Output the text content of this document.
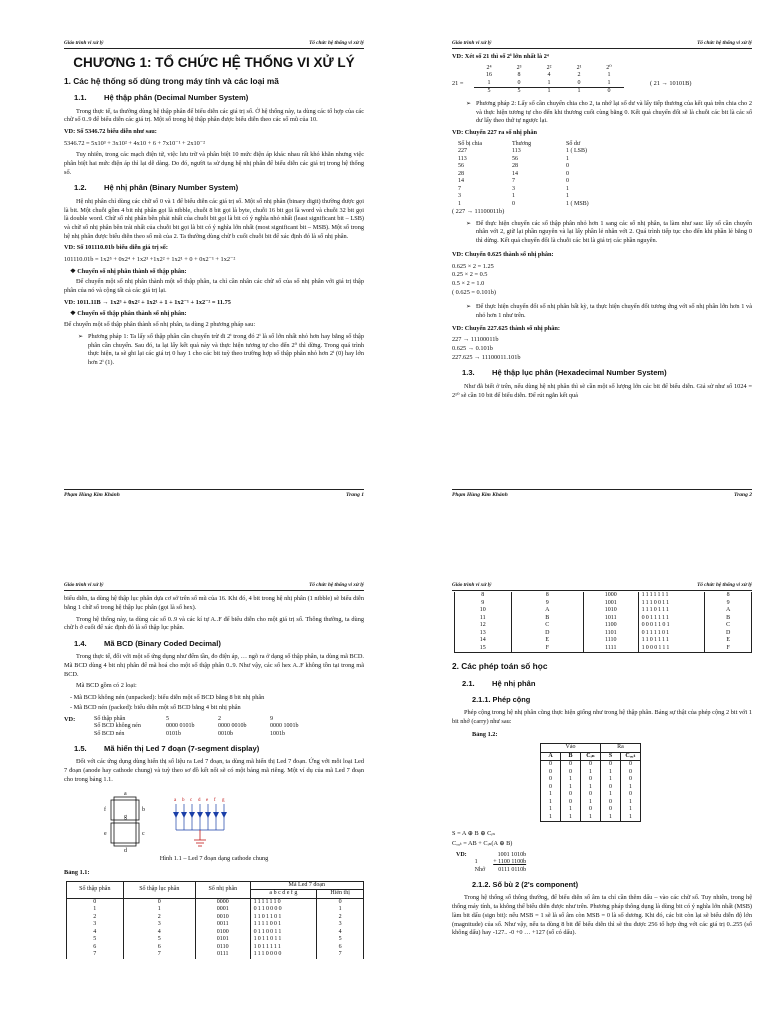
Giáo trình vi xử lý	Tổ chức hệ thống vi xử lý
CHƯƠNG 1: TỔ CHỨC HỆ THỐNG VI XỬ LÝ
1. Các hệ thống số dùng trong máy tính và các loại mã
1.1. Hệ thập phân (Decimal Number System)

Trong thực tế, ta thường dùng hệ thập phân để biểu diễn các giá trị số. Ở hệ thống này, ta dùng các tổ hợp của các chữ số 0..9 để biểu diễn các giá trị. Một số trong hệ thập phân được biểu diễn theo các số mũ của 10.

VD: Số 5346.72 biểu diễn như sau:

5346.72 = 5x10³ + 3x10² + 4x10 + 6 + 7x10⁻¹ + 2x10⁻²

Tuy nhiên, trong các mạch điện tử, việc lưu trữ và phân biệt 10 mức điện áp khác nhau rất khó khăn nhưng việc phân biệt hai mức điện áp thì lại dễ dàng. Do đó, người ta sử dụng hệ nhị phân để biểu diễn các giá trị trong hệ thống số.

1.2. Hệ nhị phân (Binary Number System)

Hệ nhị phân chỉ dùng các chữ số 0 và 1 để biểu diễn các giá trị số. Một số nhị phân (binary digit) thường được gọi là bit. Một chuỗi gồm 4 bit nhị phân gọi là nibble, chuỗi 8 bit gọi là byte, chuỗi 16 bit gọi là word và chuỗi 32 bit gọi là double word. Chữ số nhị phân bên phải nhất của chuỗi bit gọi là bit có ý nghĩa nhỏ nhất (least significant bit – LSB) và chữ số nhị phân bên trái nhất của chuỗi bit gọi là bit có ý nghĩa lớn nhất (most significant bit – MSB). Một số trong hệ nhị phân được biểu diễn theo số mũ của 2. Ta thường dùng chữ b cuối chuỗi bit để xác định đó là số nhị phân.

VD: Số 101110.01b biểu diễn giá trị số:

101110.01b = 1x2⁵ + 0x2⁴ + 1x2³ +1x2² + 1x2¹ + 0 + 0x2⁻¹ + 1x2⁻²

❖ Chuyển số nhị phân thành số thập phân:

Để chuyển một số nhị phân thành một số thập phân, ta chỉ cần nhân các chữ số của số nhị phân với giá trị thập phân của nó và cộng tất cả các giá trị lại.

VD: 1011.11B → 1x2³ + 0x2² + 1x2¹ + 1 + 1x2⁻¹ + 1x2⁻² = 11.75

❖ Chuyển số thập phân thành số nhị phân:

Để chuyển một số thập phân thành số nhị phân, ta dùng 2 phương pháp sau:

➢ Phương pháp 1: Ta lấy số thập phân cần chuyển trừ đi 2ⁱ trong đó 2ⁱ là số lớn nhất nhỏ hơn hay bằng số thập phân cần chuyển. Sau đó, ta lại lấy kết quả này và thực hiện tương tự cho đến 2⁰ thì dừng. Trong quá trình thực hiện, ta sẽ ghi lại các giá trị 0 hay 1 cho các bit tuỳ theo trường hợp số thập phân nhỏ hơn 2ⁱ (0) hay lớn hơn 2ⁱ (1).
Phạm Hùng Kim Khánh	Trang 1
Giáo trình vi xử lý	Tổ chức hệ thống vi xử lý

VD: Xét số 21 thì số 2ⁱ lớn nhất là 2⁴

21 =
2⁴	2³	2²	2¹	2⁰
16	8	4	2	1
1	0	1	0	1
5	5	1	1	0
( 21 → 10101B)
➢ Phương pháp 2: Lấy số cần chuyển chia cho 2, ta nhớ lại số dư và lấy tiếp thương của kết quả trên chia cho 2 và thực hiện tương tự cho đến khi thương cuối cùng bằng 0. Kết quả chuyển đổi sẽ là chuỗi các bit là các số dư lấy theo thứ tự ngược lại.

VD: Chuyển 227 ra số nhị phân

Số bị chia	Thương	Số dư
227	113	1 ( LSB)
113	56	1
56	28	0
28	14	0
14	7	0
7	3	1
3	1	1
1	0	1 ( MSB)

( 227 → 11100011b)

➢ Để thực hiện chuyển các số thập phân nhỏ hơn 1 sang các số nhị phân, ta làm như sau: lấy số cần chuyển nhân với 2, giữ lại phần nguyên và lại lấy phần lẻ nhân với 2. Quá trình tiếp tục cho đến khi phần lẻ bằng 0 thì dừng. Kết quả chuyển đổi là chuỗi các bit là giá trị các phần nguyên.

VD: Chuyển 0.625 thành số nhị phân:

0.625 × 2 = 1.25
0.25 × 2 = 0.5
0.5 × 2 = 1.0
( 0.625 = 0.101b)
➢ Để thực hiện chuyển đổi số nhị phân bất kỳ, ta thực hiện chuyển đổi tương ứng với số nhị phân lớn hơn 1 và nhỏ hơn 1 như trên.

VD: Chuyển 227.625 thành số nhị phân:

227 → 11100011b
0.625 → 0.101b
227.625 → 11100011.101b
1.3. Hệ thập lục phân (Hexadecimal Number System)

Như đã biết ở trên, nếu dùng hệ nhị phân thì sẽ cần một số lượng lớn các bit để biểu diễn. Giả sử như số 1024 = 2¹⁰ sẽ cần 10 bit để biểu diễn. Để rút ngắn kết quả

Phạm Hùng Kim Khánh	Trang 2
Giáo trình vi xử lý	Tổ chức hệ thống vi xử lý

biểu diễn, ta dùng hệ thập lục phân dựa cơ sở trên số mũ của 16. Khi đó, 4 bit trong hệ nhị phân (1 nibble) sẽ biểu diễn bằng 1 chữ số trong hệ thập lục phân (gọi là số hex).

Trong hệ thống này, ta dùng các số 0..9 và các kí tự A..F để biểu diễn cho một giá trị số. Thông thường, ta dùng chữ h ở cuối để xác định đó là số thập lục phân.

1.4. Mã BCD (Binary Coded Decimal)

Trong thực tế, đối với một số ứng dụng như đếm tần, đo điện áp, … ngõ ra ở dạng số thập phân, ta dùng mã BCD. Mã BCD dùng 4 bit nhị phân để mã hoá cho một số thập phân 0..9. Như vậy, các số hex A..F không tồn tại trong mã BCD.

Mã BCD gồm có 2 loại:

- Mã BCD không nén (unpacked): biểu diễn một số BCD bằng 8 bit nhị phân
- Mã BCD nén (packed): biểu diễn một số BCD bằng 4 bit nhị phân
VD:	Số thập phân	5	2	9
Số BCD không nén	0000 0101b	0000 0010b	0000 1001b
Số BCD nén	0101b	0010b	1001b
1.5. Mã hiển thị Led 7 đoạn (7-segment display)

Đối với các ứng dụng dùng hiển thị số liệu ra Led 7 đoạn, ta dùng mã hiển thị Led 7 đoạn. Ứng với mỗi loại Led 7 đoạn (anode hay cathode chung) và tuỳ theo sơ đồ kết nối sẽ có một bảng mã riêng. Một ví dụ của mã Led 7 đoạn cho trong bảng 1.1.

a
b
c
d
e
f
g
a b c d e f g
Hình 1.1 – Led 7 đoạn dạng cathode chung

Bảng 1.1:

Số thập phân	Số thập lục phân	Số nhị phân	Mã Led 7 đoạn	
			a b c d e f g	Hiển thị
0	0	0000	1111110	0
1	1	0001	0110000	1
2	2	0010	1101101	2
3	3	0011	1111001	3
4	4	0100	0110011	4
5	5	0101	1011011	5
6	6	0110	1011111	6
7	7	0111	1110000	7
Giáo trình vi xử lý	Tổ chức hệ thống vi xử lý
8	8	1000	1111111	8
9	9	1001	1110011	9
10	A	1010	1110111	A
11	B	1011	0011111	B
12	C	1100	0001101	C
13	D	1101	0111101	D
14	E	1110	1101111	E
15	F	1111	1000111	F
2. Các phép toán số học
2.1. Hệ nhị phân
2.1.1. Phép cộng

Phép cộng trong hệ nhị phân cũng thực hiện giống như trong hệ thập phân. Bảng sự thật của phép cộng 2 bit với 1 bit nhớ (carry) như sau:

Bảng 1.2:

Vào			Ra	
A	B	Cᵢₙ	S	Cₒᵤₜ
0	0	0	0	0
0	0	1	1	0
0	1	0	1	0
0	1	1	0	1
1	0	0	1	0
1	0	1	0	1
1	1	0	0	1
1	1	1	1	1

S = A ⊕ B ⊕ Cᵢₙ

Cₒᵤₜ = AB + Cᵢₙ(A ⊕ B)

VD:		1001 1010b
	1	+ 1100 1100b
	Nhớ	0111 0110b
2.1.2. Số bù 2 (2's component)

Trong hệ thống số thông thường, để biểu diễn số âm ta chỉ cần thêm dấu – vào các chữ số. Tuy nhiên, trong hệ thống máy tính, ta không thể biểu diễn được như trên. Phương pháp thông dụng là dùng bit có ý nghĩa lớn nhất (MSB) làm bit dấu (sign bit): nếu MSB = 1 sẽ là số âm còn MSB = 0 là số dương. Khi đó, các bit còn lại sẽ biểu diễn độ lớn (magnitude) của số. Như vậy, nếu ta dùng 8 bit để biểu diễn thì sẽ thu được 256 tổ hợp ứng với các giá trị 0..255 (số không dấu) hay -127.. -0 +0 … +127 (số có dấu).
